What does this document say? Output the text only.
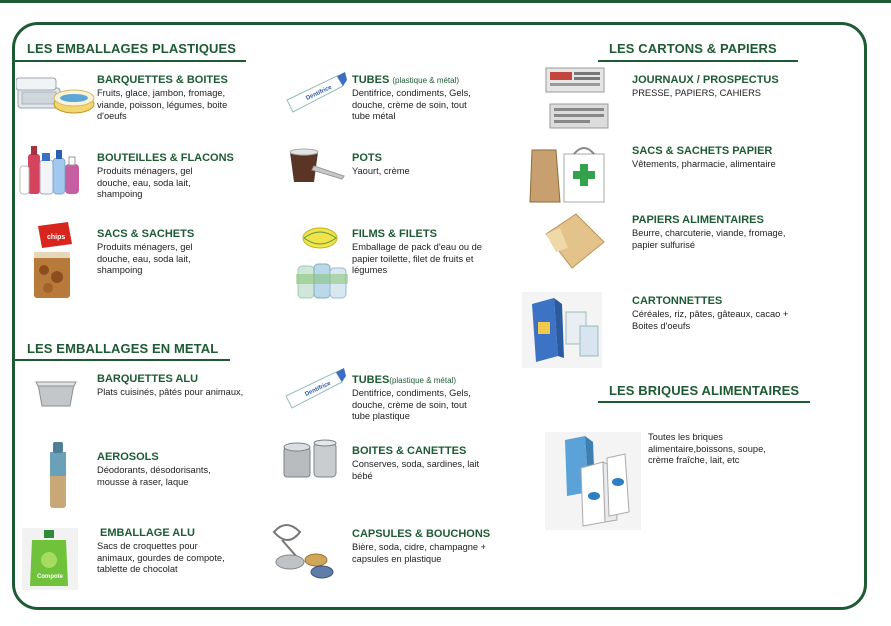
LES EMBALLAGES PLASTIQUES	LES CARTONS & PAPIERS
LES EMBALLAGES EN METAL
LES BRIQUES ALIMENTAIRES
BARQUETTES & BOITES

Fruits, glace, jambon, fromage, viande, poisson, légumes, boite d'oeufs

BOUTEILLES & FLACONS

Produits ménagers, gel douche, eau, soda lait, shampoing

chips	SACS & SACHETS

Produits ménagers, gel douche, eau, soda lait, shampoing

Dentifrice
TUBES (plastique & métal)

Dentifrice, condiments, Gels, douche, crème de soin, tout tube métal

POTS

Yaourt, crème

FILMS & FILETS

Emballage de pack d'eau ou de papier toilette, filet de fruits et légumes

BARQUETTES ALU

Plats cuisinés, pâtés pour animaux,

AEROSOLS

Déodorants, désodorisants, mousse à raser, laque

Compote
EMBALLAGE ALU

Sacs de croquettes pour animaux, gourdes de compote, tablette de chocolat

Dentifrice
TUBES(plastique & métal)

Dentifrice, condiments, Gels, douche, crème de soin, tout tube plastique

BOITES & CANETTES

Conserves, soda, sardines, lait bébé

CAPSULES & BOUCHONS

Bière, soda, cidre, champagne + capsules en plastique

JOURNAUX / PROSPECTUS

PRESSE, PAPIERS, CAHIERS

SACS & SACHETS PAPIER

Vêtements, pharmacie, alimentaire

PAPIERS ALIMENTAIRES

Beurre, charcuterie, viande, fromage, papier sulfurisé

CARTONNETTES

Céréales, riz, pâtes, gâteaux, cacao + Boites d'oeufs

Toutes les briques alimentaire,boissons, soupe, crème fraîche, lait, etc
